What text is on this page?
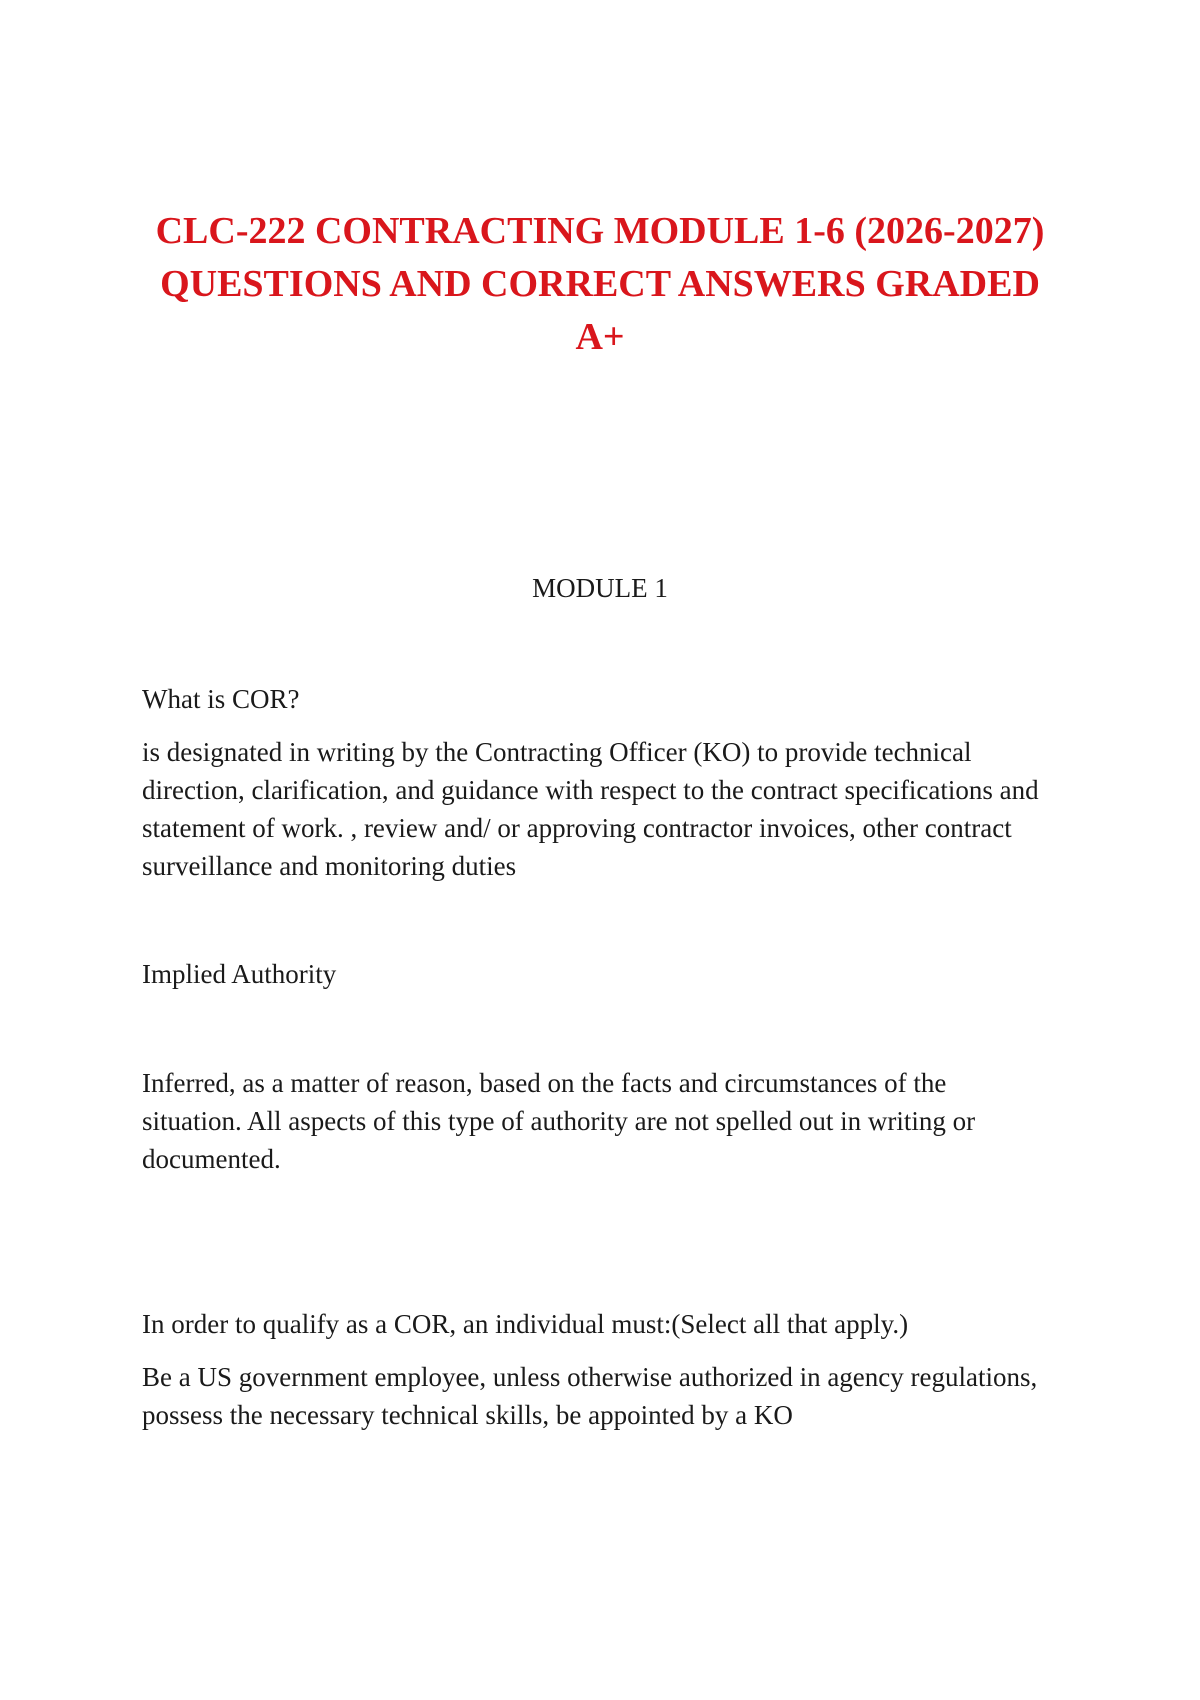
CLC-222 CONTRACTING MODULE 1-6 (2026-2027)
QUESTIONS AND CORRECT ANSWERS GRADED
A+
MODULE 1
What is COR?
is designated in writing by the Contracting Officer (KO) to provide technical
direction, clarification, and guidance with respect to the contract specifications and
statement of work. , review and/ or approving contractor invoices, other contract
surveillance and monitoring duties
Implied Authority
Inferred, as a matter of reason, based on the facts and circumstances of the
situation. All aspects of this type of authority are not spelled out in writing or
documented.
In order to qualify as a COR, an individual must:(Select all that apply.)
Be a US government employee, unless otherwise authorized in agency regulations,
possess the necessary technical skills, be appointed by a KO
